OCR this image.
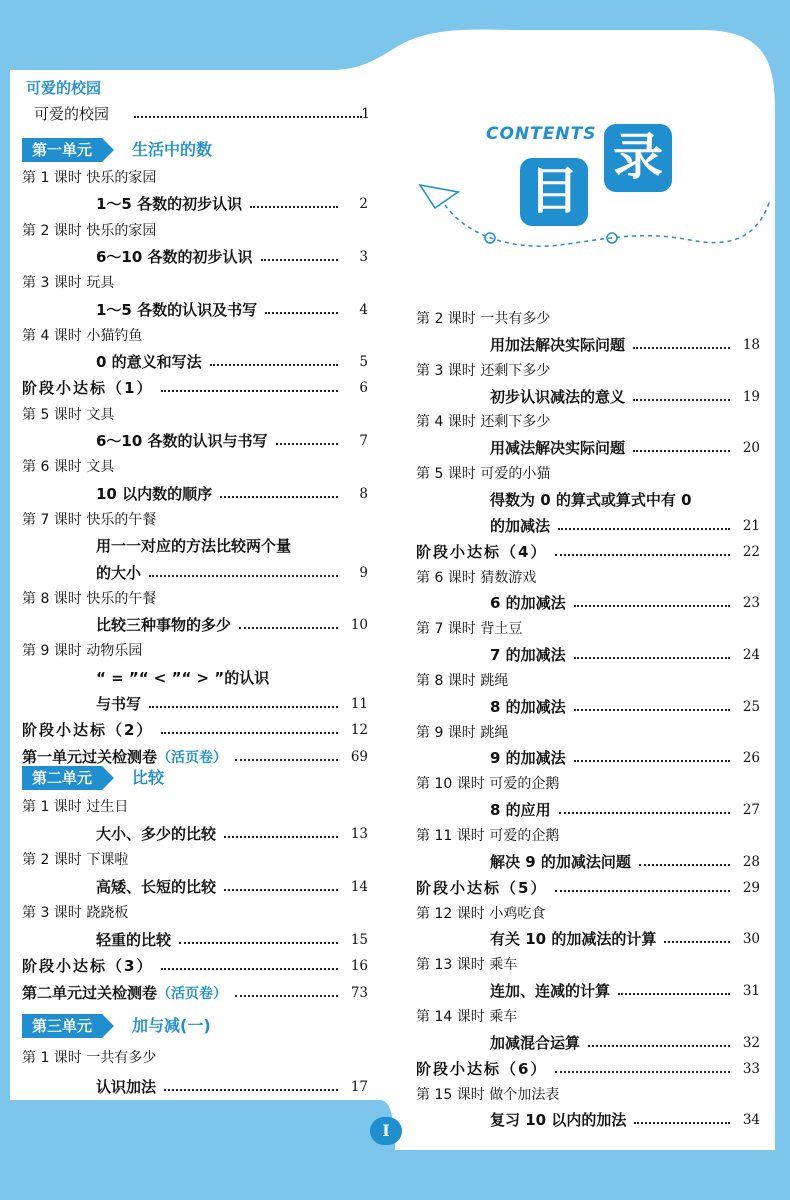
CONTENTS
目
录
可爱的校园
可爱的校园	1
第一单元	生活中的数
第二单元	比较
第三单元	加与减(一)
I
第 1 课时 快乐的家园
1～5 各数的初步认识	2
第 2 课时 快乐的家园
6～10 各数的初步认识	3
第 3 课时 玩具
1～5 各数的认识及书写	4
第 4 课时 小猫钓鱼
0 的意义和写法	5
阶段小达标（1）	6
第 5 课时 文具
6～10 各数的认识与书写	7
第 6 课时 文具
10 以内数的顺序	8
第 7 课时 快乐的午餐
用一一对应的方法比较两个量
的大小	9
第 8 课时 快乐的午餐
比较三种事物的多少	10
第 9 课时 动物乐园
“ = ”“ < ”“ > ”的认识
与书写	11
阶段小达标（2）	12
第一单元过关检测卷（活页卷）	69
第 1 课时 过生日
大小、多少的比较	13
第 2 课时 下课啦
高矮、长短的比较	14
第 3 课时 跷跷板
轻重的比较	15
阶段小达标（3）	16
第二单元过关检测卷（活页卷）	73
第 1 课时 一共有多少
认识加法	17
第 2 课时 一共有多少
用加法解决实际问题	18
第 3 课时 还剩下多少
初步认识减法的意义	19
第 4 课时 还剩下多少
用减法解决实际问题	20
第 5 课时 可爱的小猫
得数为 0 的算式或算式中有 0
的加减法	21
阶段小达标（4）	22
第 6 课时 猜数游戏
6 的加减法	23
第 7 课时 背土豆
7 的加减法	24
第 8 课时 跳绳
8 的加减法	25
第 9 课时 跳绳
9 的加减法	26
第 10 课时 可爱的企鹅
8 的应用	27
第 11 课时 可爱的企鹅
解决 9 的加减法问题	28
阶段小达标（5）	29
第 12 课时 小鸡吃食
有关 10 的加减法的计算	30
第 13 课时 乘车
连加、连减的计算	31
第 14 课时 乘车
加减混合运算	32
阶段小达标（6）	33
第 15 课时 做个加法表
复习 10 以内的加法	34
